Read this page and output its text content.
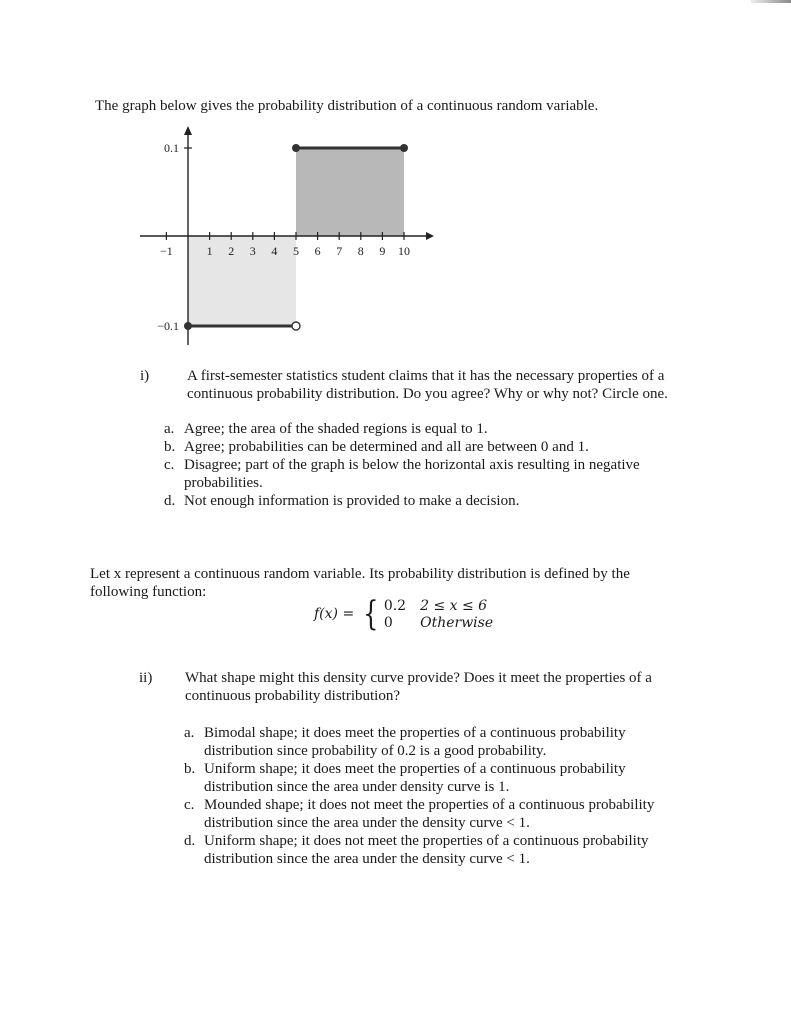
The graph below gives the probability distribution of a continuous random variable.
−1	1 2 3 4 5 6 7 8 9 10
0.1
−0.1
i)	A first-semester statistics student claims that it has the necessary properties of a continuous probability distribution. Do you agree? Why or why not? Circle one.
a. Agree; the area of the shaded regions is equal to 1.
b. Agree; probabilities can be determined and all are between 0 and 1.
c. Disagree; part of the graph is below the horizontal axis resulting in negative probabilities.
d. Not enough information is provided to make a decision.
Let x represent a continuous random variable. Its probability distribution is defined by the following function:
f(x) = { 0.2 2 ≤ x ≤ 6
0	Otherwise
ii) What shape might this density curve provide? Does it meet the properties of a continuous probability distribution?
a. Bimodal shape; it does meet the properties of a continuous probability distribution since probability of 0.2 is a good probability.
b. Uniform shape; it does meet the properties of a continuous probability distribution since the area under density curve is 1.
c. Mounded shape; it does not meet the properties of a continuous probability distribution since the area under the density curve < 1.
d. Uniform shape; it does not meet the properties of a continuous probability distribution since the area under the density curve < 1.
